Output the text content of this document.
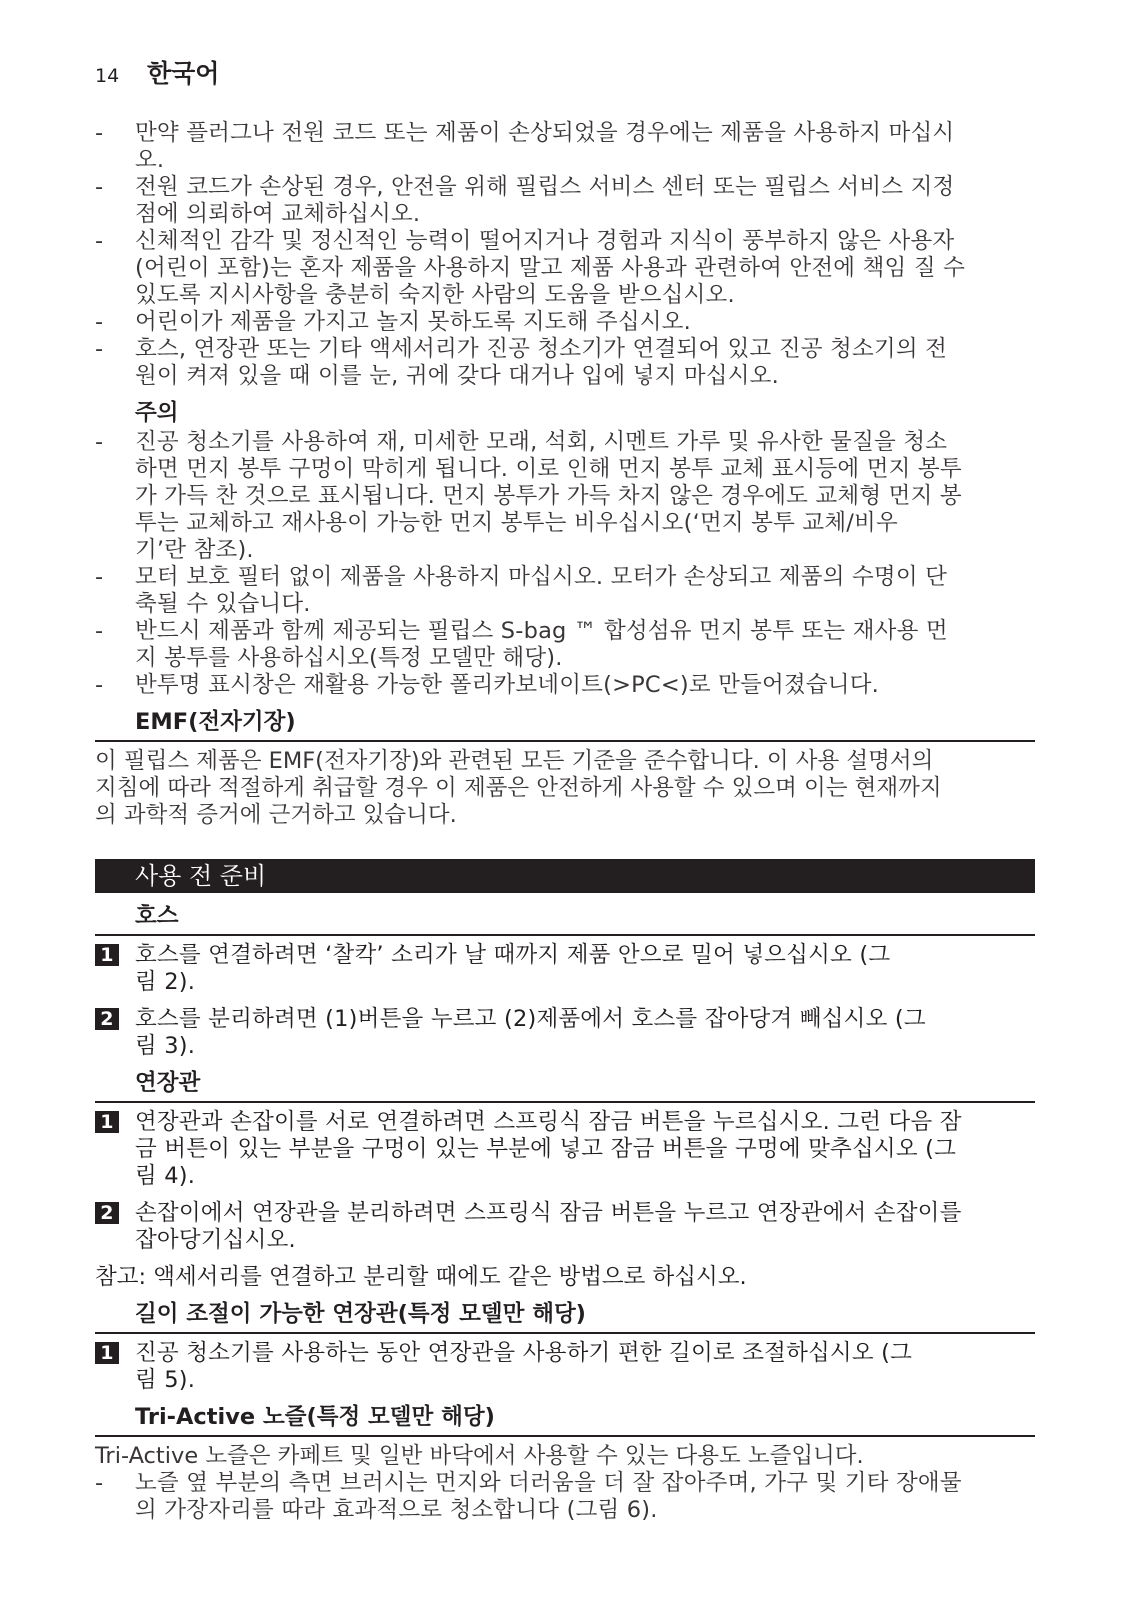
14	한국어
-	만약 플러그나 전원 코드 또는 제품이 손상되었을 경우에는 제품을 사용하지 마십시
오.
-	전원 코드가 손상된 경우, 안전을 위해 필립스 서비스 센터 또는 필립스 서비스 지정
점에 의뢰하여 교체하십시오.
-	신체적인 감각 및 정신적인 능력이 떨어지거나 경험과 지식이 풍부하지 않은 사용자
(어린이 포함)는 혼자 제품을 사용하지 말고 제품 사용과 관련하여 안전에 책임 질 수
있도록 지시사항을 충분히 숙지한 사람의 도움을 받으십시오.
-	어린이가 제품을 가지고 놀지 못하도록 지도해 주십시오.
-	호스, 연장관 또는 기타 액세서리가 진공 청소기가 연결되어 있고 진공 청소기의 전
원이 켜져 있을 때 이를 눈, 귀에 갖다 대거나 입에 넣지 마십시오.
주의
-	진공 청소기를 사용하여 재, 미세한 모래, 석회, 시멘트 가루 및 유사한 물질을 청소
하면 먼지 봉투 구멍이 막히게 됩니다. 이로 인해 먼지 봉투 교체 표시등에 먼지 봉투
가 가득 찬 것으로 표시됩니다. 먼지 봉투가 가득 차지 않은 경우에도 교체형 먼지 봉
투는 교체하고 재사용이 가능한 먼지 봉투는 비우십시오(‘먼지 봉투 교체/비우
기’란 참조).
-	모터 보호 필터 없이 제품을 사용하지 마십시오. 모터가 손상되고 제품의 수명이 단
축될 수 있습니다.
-	반드시 제품과 함께 제공되는 필립스 S-bag ™ 합성섬유 먼지 봉투 또는 재사용 먼
지 봉투를 사용하십시오(특정 모델만 해당).
-	반투명 표시창은 재활용 가능한 폴리카보네이트(>PC<)로 만들어졌습니다.
EMF(전자기장)
이 필립스 제품은 EMF(전자기장)와 관련된 모든 기준을 준수합니다. 이 사용 설명서의
지침에 따라 적절하게 취급할 경우 이 제품은 안전하게 사용할 수 있으며 이는 현재까지
의 과학적 증거에 근거하고 있습니다.
사용 전 준비
호스
1 호스를 연결하려면 ‘찰칵’ 소리가 날 때까지 제품 안으로 밀어 넣으십시오 (그
림 2).
2 호스를 분리하려면 (1)버튼을 누르고 (2)제품에서 호스를 잡아당겨 빼십시오 (그
림 3).
연장관
1 연장관과 손잡이를 서로 연결하려면 스프링식 잠금 버튼을 누르십시오. 그런 다음 잠
금 버튼이 있는 부분을 구멍이 있는 부분에 넣고 잠금 버튼을 구멍에 맞추십시오 (그
림 4).
2 손잡이에서 연장관을 분리하려면 스프링식 잠금 버튼을 누르고 연장관에서 손잡이를
잡아당기십시오.
참고: 액세서리를 연결하고 분리할 때에도 같은 방법으로 하십시오.
길이 조절이 가능한 연장관(특정 모델만 해당)
1 진공 청소기를 사용하는 동안 연장관을 사용하기 편한 길이로 조절하십시오 (그
림 5).
Tri-Active 노즐(특정 모델만 해당)
Tri-Active 노즐은 카페트 및 일반 바닥에서 사용할 수 있는 다용도 노즐입니다.
-	노즐 옆 부분의 측면 브러시는 먼지와 더러움을 더 잘 잡아주며, 가구 및 기타 장애물
의 가장자리를 따라 효과적으로 청소합니다 (그림 6).
